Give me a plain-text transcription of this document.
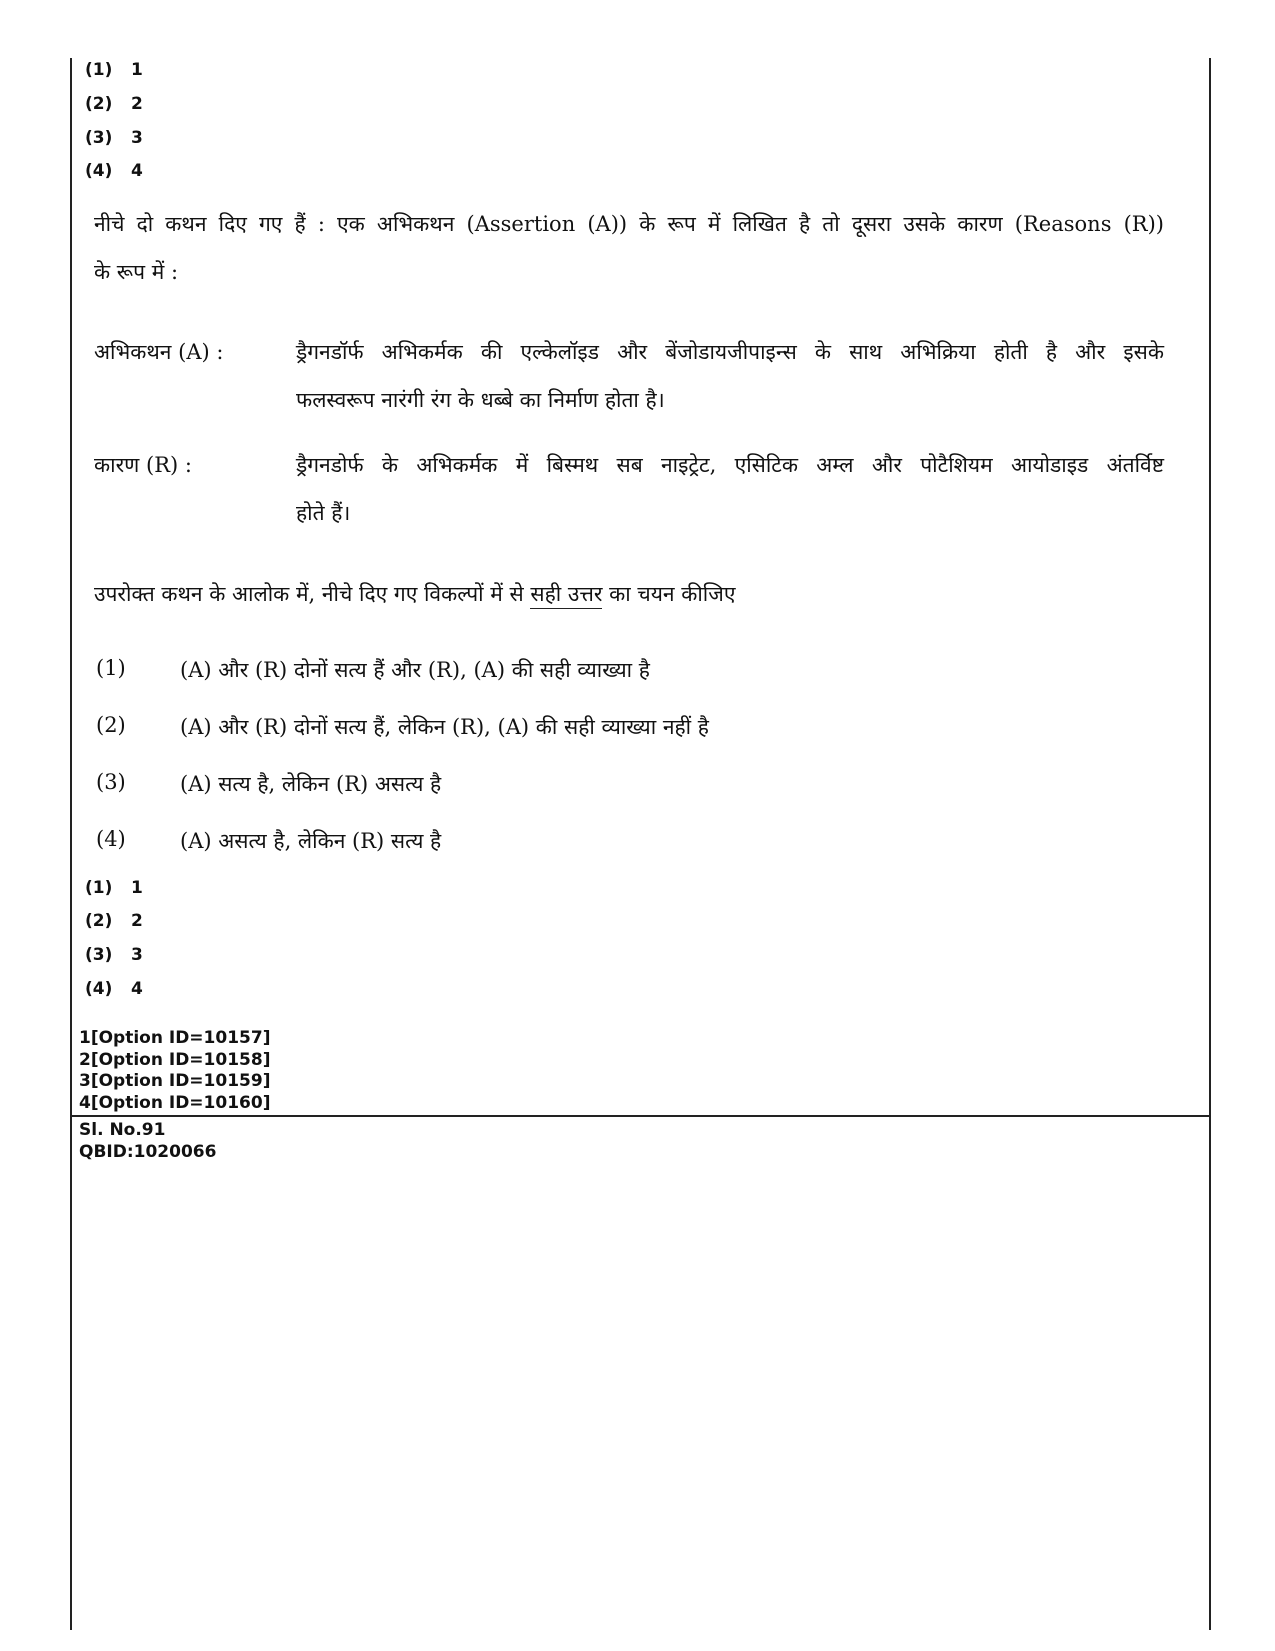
(1) 1
(2) 2
(3) 3
(4) 4
नीचे दो कथन दिए गए हैं : एक अभिकथन (Assertion (A)) के रूप में लिखित है तो दूसरा उसके कारण (Reasons (R))
के रूप में :
अभिकथन (A) :	ड्रैगनडॉर्फ अभिकर्मक की एल्केलॉइड और बेंजोडायजीपाइन्स के साथ अभिक्रिया होती है और इसके
फलस्वरूप नारंगी रंग के धब्बे का निर्माण होता है।
कारण (R) :	ड्रैगनडोर्फ के अभिकर्मक में बिस्मथ सब नाइट्रेट, एसिटिक अम्ल और पोटैशियम आयोडाइड अंतर्विष्ट
होते हैं।
उपरोक्त कथन के आलोक में, नीचे दिए गए विकल्पों में से सही उत्तर का चयन कीजिए
(1)	(A) और (R) दोनों सत्य हैं और (R), (A) की सही व्याख्या है
(2)	(A) और (R) दोनों सत्य हैं, लेकिन (R), (A) की सही व्याख्या नहीं है
(3)	(A) सत्य है, लेकिन (R) असत्य है
(4)	(A) असत्य है, लेकिन (R) सत्य है
(1) 1
(2) 2
(3) 3
(4) 4
1[Option ID=10157]
2[Option ID=10158]
3[Option ID=10159]
4[Option ID=10160]
Sl. No.91
QBID:1020066
